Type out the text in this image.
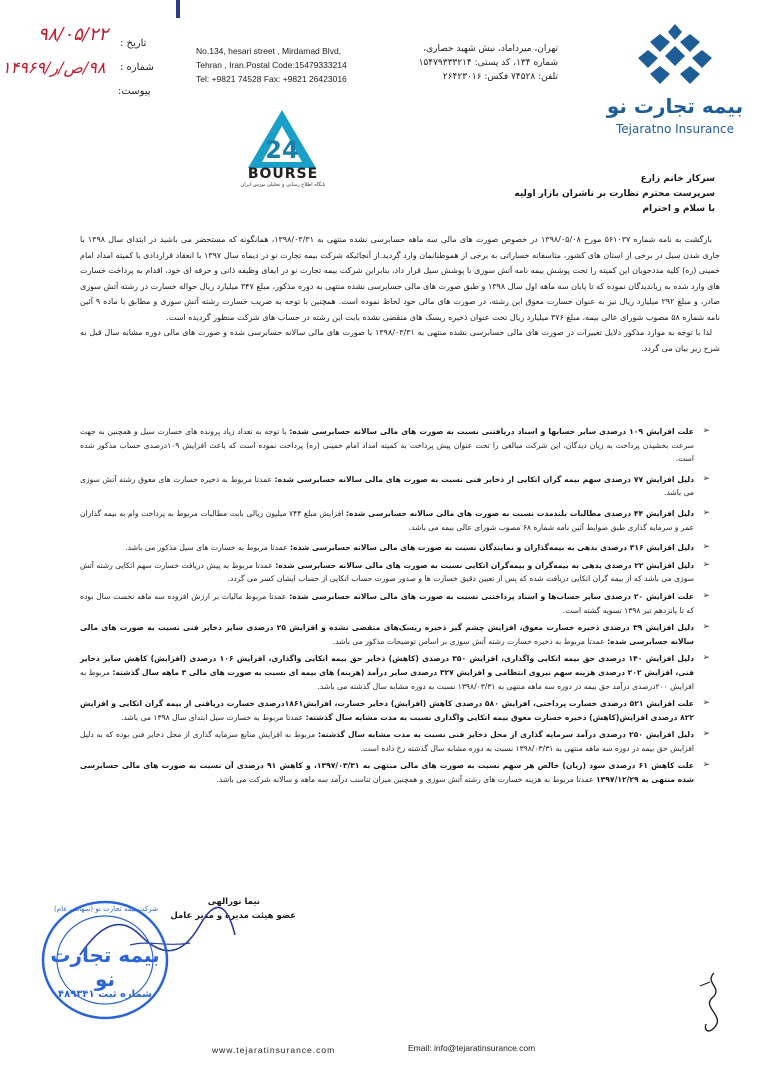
تاریخ :
شماره :
پیوست:
۹۸/۰۵/۲۲
۹۸/ص/ر/۱۴۹۶۹
No.134, hesari street , Mirdamad Blvd,
Tehran , Iran.Postal Code:15479333214
Tel: +9821 74528 Fax: +9821 26423016
تهران، میرداماد، نبش شهید حصاری،
شماره ۱۳۴، کد پستی: ۱۵۴۷۹۳۳۳۲۱۴
تلفن: ۷۴۵۲۸ فکس: ۲۶۴۲۳۰۱۶
بیمه تجارت نو
Tejaratno Insurance
24
BOURSE
پایگاه اطلاع رسانی و تحلیلی بورس ایران
سرکار خانم زارع
سرپرست محترم نظارت بر ناشران بازار اولیه
با سلام و احترام
بازگشت به نامه شماره ۵۶۱۰۳۷ مورخ ۱۳۹۸/۰۵/۰۸ در خصوص صورت های مالی سه ماهه حسابرسی نشده منتهی به ۱۳۹۸/۰۳/۳۱، همانگونه که مستحضر می باشید در ابتدای سال ۱۳۹۸ با جاری شدن سیل در برخی از استان های کشور، متاسفانه خساراتی به برخی از هموطنانمان وارد گردید.از آنجائیکه شرکت بیمه تجارت نو در دیماه سال ۱۳۹۷ با انعقاد قراردادی با کمیته امداد امام خمینی (ره) کلیه مددجویان این کمیته را تحت پوشش بیمه نامه آتش سوزی با پوشش سیل قرار داد، بنابراین شرکت بیمه تجارت نو در ایفای وظیفه ذاتی و حرفه ای خود، اقدام به پرداخت خسارت های وارد شده به زیاندیدگان نموده که تا پایان سه ماهه اول سال ۱۳۹۸ و طبق صورت های مالی حسابرسی نشده منتهی به دوره مذکور، مبلغ ۳۴۷ میلیارد ریال حواله خسارت در رشته آتش سوزی صادر، و مبلغ ۲۹۲ میلیارد ریال نیز به عنوان خسارت معوق این رشته، در صورت های مالی خود لحاظ نموده است. همچنین با توجه به ضریب خسارت رشته آتش سوزی و مطابق با ماده ۹ آئین نامه شماره ۵۸ مصوب شورای عالی بیمه، مبلغ ۳۷۶ میلیارد ریال تحت عنوان ذخیره ریسک های منقضی نشده بابت این رشته در حساب های شرکت منظور گردیده است.
لذا با توجه به موارد مذکور دلایل تغییرات در صورت های مالی حسابرسی نشده منتهی به ۱۳۹۸/۰۳/۳۱ با صورت های مالی سالانه حسابرسی شده و صورت های مالی دوره مشابه سال قبل به شرح زیر بیان می گردد.
➢
علت افزایش ۱۰۹ درصدی سایر حسابها و اسناد دریافتنی نسبت به صورت های مالی سالانه حسابرسی شده: با توجه به تعداد زیاد پرونده های خسارت سیل و همچنین به جهت سرعت بخشیدن پرداخت به زیان دیدگان، این شرکت مبالغی را تحت عنوان پیش پرداخت به کمیته امداد امام خمینی (ره) پرداخت نموده است که باعث افزایش ۱۰۹درصدی حساب مذکور شده است.
➢
دلیل افزایش ۷۷ درصدی سهم بیمه گران اتکایی از ذخایر فنی نسبت به صورت های مالی سالانه حسابرسی شده: عمدتا مربوط به ذخیره خسارت های معوق رشته آتش سوزی می باشد.
➢
دلیل افزایش ۴۴ درصدی مطالبات بلندمدت نسبت به صورت های مالی سالانه حسابرسی شده: افزایش مبلغ ۷۴۴ میلیون ریالی بابت مطالبات مربوط به پرداخت وام به بیمه گذاران عمر و سرمایه گذاری طبق ضوابط آئین نامه شماره ۶۸ مصوب شورای عالی بیمه می باشد.
➢
دلیل افزایش ۳۱۶ درصدی بدهی به بیمه‌گذاران و نمایندگان نسبت به صورت های مالی سالانه حسابرسی شده: عمدتا مربوط به خسارت های سیل مذکور می باشد.
➢
دلیل افزایش ۲۲ درصدی بدهی به بیمه‌گران و بیمه‌گران اتکایی نسبت به صورت های مالی سالانه حسابرسی شده: عمدتا مربوط به پیش دریافت خسارت سهم اتکایی رشته آتش سوزی می باشد که از بیمه گران اتکایی دریافت شده که پس از تعیین دقیق خسارت ها و صدور صورت حساب اتکایی از حساب ایشان کسر می گردد.
➢
علت افزایش ۲۰ درصدی سایر حساب‌ها و اسناد پرداختنی نسبت به صورت های مالی سالانه حسابرسی شده: عمدتا مربوط مالیات بر ارزش افزوده سه ماهه نخست سال بوده که تا پانزدهم تیر ۱۳۹۸ تسویه گشته است.
➢
دلیل افزایش ۳۹ درصدی ذخیره خسارت معوق، افزایش چشم گیر ذخیره ریسک‌های منقضی نشده و افزایش ۲۵ درصدی سایر ذخایر فنی نسبت به صورت های مالی سالانه حسابرسی شده: عمدتا مربوط به ذخیره خسارت رشته آتش سوزی بر اساس توضیحات مذکور می باشد.
➢
دلیل افزایش ۱۴۰ درصدی حق بیمه اتکایی واگذاری، افزایش ۳۵۰ درصدی (کاهش) ذخایر حق بیمه اتکایی واگذاری، افزایش ۱۰۶ درصدی (افزایش) کاهش سایر ذخایر فنی، افزایش ۲۰۲ درصدی هزینه سهم نیروی انتظامی و افزایش ۳۲۷ درصدی سایر درآمد (هزینه) های بیمه ای نسبت به صورت های مالی ۳ ماهه سال گذشته: مربوط به افزایش ۲۰۰درصدی درآمد حق بیمه در دوره سه ماهه منتهی به ۱۳۹۸/۰۳/۳۱ نسبت به دوره مشابه سال گذشته می باشد.
➢
علت افزایش ۵۲۱ درصدی خسارت پرداختی، افزایش ۵۸۰ درصدی کاهش (افزایش) ذخایر خسارت، افزایش۱۸۶۱درصدی خسارت دریافتی از بیمه گران اتکایی و افزایش ۸۲۲ درصدی افزایش(کاهش) ذخیره خسارت معوق بیمه اتکایی واگذاری نسبت به مدت مشابه سال گذشته: عمدتا مربوط به خسارت سیل ابتدای سال ۱۳۹۸ می باشد.
➢
دلیل افزایش ۲۵۰ درصدی درآمد سرمایه گذاری از محل ذخایر فنی نسبت به مدت مشابه سال گذشته: مربوط به افزایش منابع سرمایه گذاری از محل ذخایر فنی بوده که به دلیل افزایش حق بیمه در دوره سه ماهه منتهی به ۱۳۹۸/۰۳/۳۱ نسبت به دوره مشابه سال گذشته رخ داده است.
➢
علت کاهش ۶۱ درصدی سود (زیان) خالص هر سهم نسبت به صورت های مالی منتهی به ۱۳۹۷/۰۳/۳۱، و کاهش ۹۱ درصدی آن نسبت به صورت های مالی حسابرسی شده منتهی به ۱۳۹۷/۱۲/۲۹ عمدتا مربوط به هزینه خسارت های رشته آتش سوزی و همچنین میزان تناسب درآمد سه ماهه و سالانه شرکت می باشد.
نیما نورالهی
عضو هیئت مدیره و مدیر عامل
شرکت بیمه تجارت نو (سهامی عام)
بیمه تجارت نو
شماره ثبت ۴۸۹۳۴۱
www.tejaratinsurance.com	Email: info@tejaratinsurance.com
